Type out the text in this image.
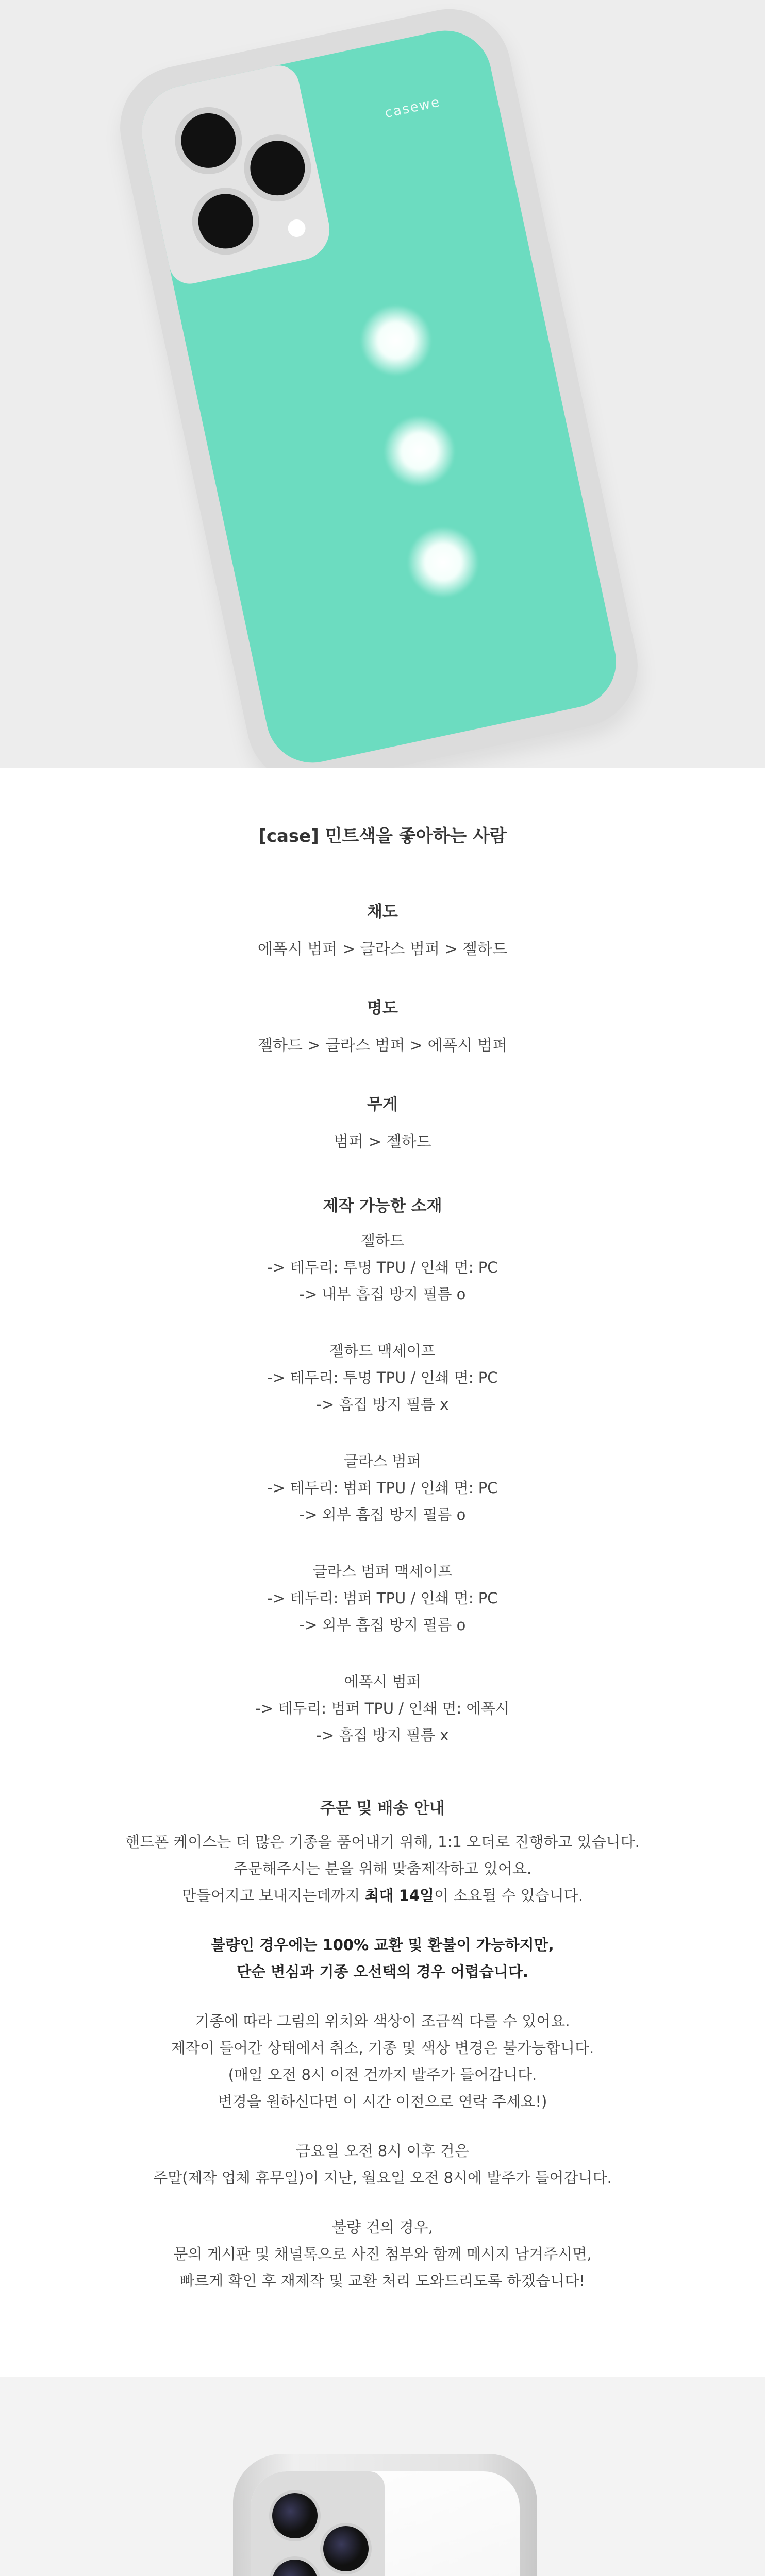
casewe
[case] 민트색을 좋아하는 사람
채도
에폭시 범퍼 > 글라스 범퍼 > 젤하드
명도
젤하드 > 글라스 범퍼 > 에폭시 범퍼
무게
범퍼 > 젤하드
제작 가능한 소재
젤하드
-> 테두리: 투명 TPU / 인쇄 면: PC
-> 내부 흠집 방지 필름 o
젤하드 맥세이프
-> 테두리: 투명 TPU / 인쇄 면: PC
-> 흠집 방지 필름 x
글라스 범퍼
-> 테두리: 범퍼 TPU / 인쇄 면: PC
-> 외부 흠집 방지 필름 o
글라스 범퍼 맥세이프
-> 테두리: 범퍼 TPU / 인쇄 면: PC
-> 외부 흠집 방지 필름 o
에폭시 범퍼
-> 테두리: 범퍼 TPU / 인쇄 면: 에폭시
-> 흠집 방지 필름 x
주문 및 배송 안내

핸드폰 케이스는 더 많은 기종을 품어내기 위해, 1:1 오더로 진행하고 있습니다.

주문해주시는 분을 위해 맞춤제작하고 있어요.

만들어지고 보내지는데까지 최대 14일이 소요될 수 있습니다.

불량인 경우에는 100% 교환 및 환불이 가능하지만,

단순 변심과 기종 오선택의 경우 어렵습니다.

기종에 따라 그림의 위치와 색상이 조금씩 다를 수 있어요.

제작이 들어간 상태에서 취소, 기종 및 색상 변경은 불가능합니다.

(매일 오전 8시 이전 건까지 발주가 들어갑니다.

변경을 원하신다면 이 시간 이전으로 연락 주세요!)

금요일 오전 8시 이후 건은

주말(제작 업체 휴무일)이 지난, 월요일 오전 8시에 발주가 들어갑니다.

불량 건의 경우,

문의 게시판 및 채널톡으로 사진 첨부와 함께 메시지 남겨주시면,

빠르게 확인 후 재제작 및 교환 처리 도와드리도록 하겠습니다!
